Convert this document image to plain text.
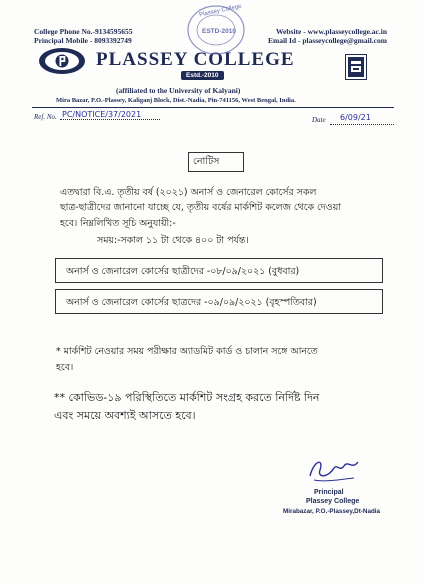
College Phone No.-9134595655
Principal Mobile - 8093392749
Website - www.plasseycollege.ac.in
Email Id - plasseycollege@gmail.com
PLASSEY COLLEGE
Estd.-2010
(affiliated to the University of Kalyani)
Mira Bazar, P.O.-Plassey, Kaliganj Block, Dist.-Nadia, Pin-741156, West Bengal, India.
Ref. No. PC/NOTICE/37/2021
Date 6/09/21
Plassey College
ESTD-2010
নোটিস
এতদ্বারা বি.এ. তৃতীয় বর্ষ (২০২১) অনার্স ও জেনারেল কোর্সের সকল
ছাত্র-ছাত্রীদের জানানো যাচ্ছে যে, তৃতীয় বর্ষের মার্কশিট কলেজ থেকে দেওয়া
হবে। নিম্নলিখিত সূচি অনুযায়ী:-
সময়:-সকাল ১১ টা থেকে ৪০০ টা পর্যন্ত।
অনার্স ও জেনারেল কোর্সের ছাত্রীদের -০৮/০৯/২০২১ (বুধবার)
অনার্স ও জেনারেল কোর্সের ছাত্রদের -০৯/০৯/২০২১ (বৃহস্পতিবার)
* মার্কশিট নেওয়ার সময় পরীক্ষার অ্যাডমিট কার্ড ও চালান সঙ্গে আনতে
হবে।
** কোভিড-১৯ পরিস্থিতিতে মার্কশিট সংগ্রহ করতে নির্দিষ্ট দিন
এবং সময়ে অবশ্যই আসতে হবে।
Principal
Plassey College
Mirabazar, P.O.-Plassey,Dt-Nadia
